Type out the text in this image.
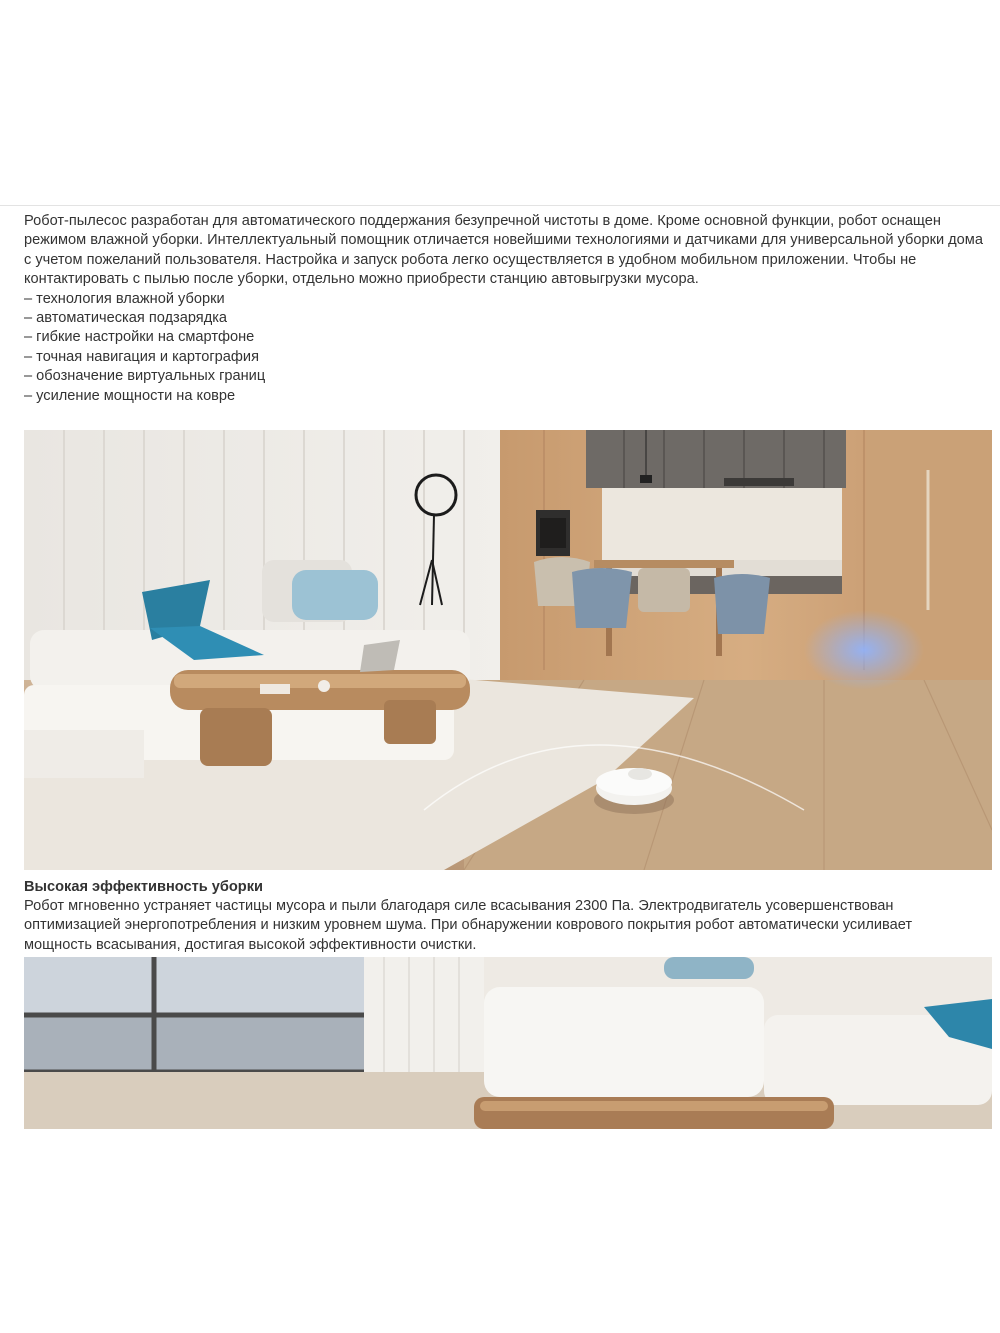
Робот-пылесос разработан для автоматического поддержания безупречной чистоты в доме. Кроме основной функции, робот оснащен режимом влажной уборки. Интеллектуальный помощник отличается новейшими технологиями и датчиками для универсальной уборки дома с учетом пожеланий пользователя. Настройка и запуск робота легко осуществляется в удобном мобильном приложении. Чтобы не контактировать с пылью после уборки, отдельно можно приобрести станцию автовыгрузки мусора.

– технология влажной уборки
– автоматическая подзарядка
– гибкие настройки на смартфоне
– точная навигация и картография
– обозначение виртуальных границ
– усиление мощности на ковре
Высокая эффективность уборки

Робот мгновенно устраняет частицы мусора и пыли благодаря силе всасывания 2300 Па. Электродвигатель усовершенствован оптимизацией энергопотребления и низким уровнем шума. При обнаружении коврового покрытия робот автоматически усиливает мощность всасывания, достигая высокой эффективности очистки.
